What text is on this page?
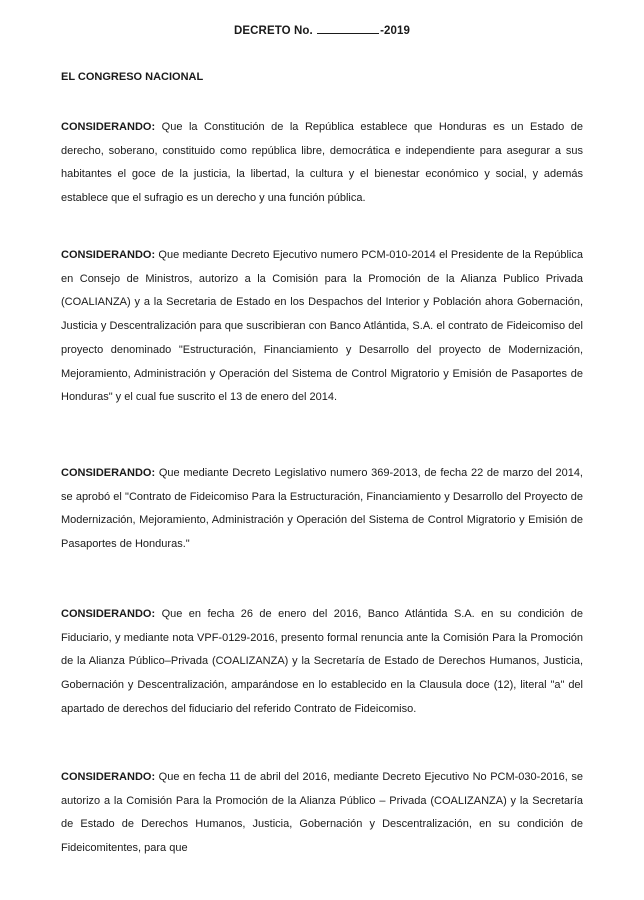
DECRETO No.	-2019
EL CONGRESO NACIONAL
CONSIDERANDO: Que la Constitución de la República establece que Honduras es un Estado de derecho, soberano, constituido como república libre, democrática e independiente para asegurar a sus habitantes el goce de la justicia, la libertad, la cultura y el bienestar económico y social, y además establece que el sufragio es un derecho y una función pública.
CONSIDERANDO: Que mediante Decreto Ejecutivo numero PCM-010-2014 el Presidente de la República en Consejo de Ministros, autorizo a la Comisión para la Promoción de la Alianza Publico Privada (COALIANZA) y a la Secretaria de Estado en los Despachos del Interior y Población ahora Gobernación, Justicia y Descentralización para que suscribieran con Banco Atlántida, S.A. el contrato de Fideicomiso del proyecto denominado "Estructuración, Financiamiento y Desarrollo del proyecto de Modernización, Mejoramiento, Administración y Operación del Sistema de Control Migratorio y Emisión de Pasaportes de Honduras" y el cual fue suscrito el 13 de enero del 2014.
CONSIDERANDO: Que mediante Decreto Legislativo numero 369-2013, de fecha 22 de marzo del 2014, se aprobó el "Contrato de Fideicomiso Para la Estructuración, Financiamiento y Desarrollo del Proyecto de Modernización, Mejoramiento, Administración y Operación del Sistema de Control Migratorio y Emisión de Pasaportes de Honduras."
CONSIDERANDO: Que en fecha 26 de enero del 2016, Banco Atlántida S.A. en su condición de Fiduciario, y mediante nota VPF-0129-2016, presento formal renuncia ante la Comisión Para la Promoción de la Alianza Público–Privada (COALIZANZA) y la Secretaría de Estado de Derechos Humanos, Justicia, Gobernación y Descentralización, amparándose en lo establecido en la Clausula doce (12), literal "a" del apartado de derechos del fiduciario del referido Contrato de Fideicomiso.
CONSIDERANDO: Que en fecha 11 de abril del 2016, mediante Decreto Ejecutivo No PCM-030-2016, se autorizo a la Comisión Para la Promoción de la Alianza Público – Privada (COALIZANZA) y la Secretaría de Estado de Derechos Humanos, Justicia, Gobernación y Descentralización, en su condición de Fideicomitentes, para que
